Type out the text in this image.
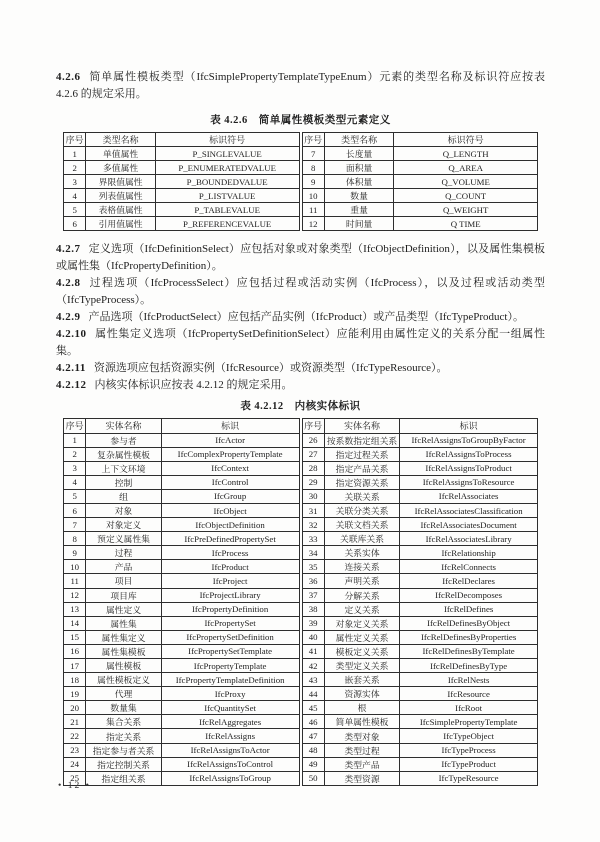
4.2.6 简单属性模板类型（IfcSimplePropertyTemplateTypeEnum）元素的类型名称及标识符应按表 4.2.6 的规定采用。

表 4.2.6　简单属性模板类型元素定义
序号	类型名称	标识符号
1	单值属性	P_SINGLEVALUE
2	多值属性	P_ENUMERATEDVALUE
3	界限值属性	P_BOUNDEDVALUE
4	列表值属性	P_LISTVALUE
5	表格值属性	P_TABLEVALUE
6	引用值属性	P_REFERENCEVALUE
序号	类型名称	标识符号
7	长度量	Q_LENGTH
8	面积量	Q_AREA
9	体积量	Q_VOLUME
10	数量	Q_COUNT
11	重量	Q_WEIGHT
12	时间量	Q TIME

4.2.7 定义选项（IfcDefinitionSelect）应包括对象或对象类型（IfcObjectDefinition），以及属性集模板或属性集（IfcPropertyDefinition）。

4.2.8 过程选项（IfcProcessSelect）应包括过程或活动实例（IfcProcess），以及过程或活动类型（IfcTypeProcess）。

4.2.9 产品选项（IfcProductSelect）应包括产品实例（IfcProduct）或产品类型（IfcTypeProduct）。

4.2.10 属性集定义选项（IfcPropertySetDefinitionSelect）应能利用由属性定义的关系分配一组属性集。

4.2.11 资源选项应包括资源实例（IfcResource）或资源类型（IfcTypeResource）。

4.2.12 内核实体标识应按表 4.2.12 的规定采用。

表 4.2.12　内核实体标识
序号	实体名称	标识
1	参与者	IfcActor
2	复杂属性模板	IfcComplexPropertyTemplate
3	上下文环境	IfcContext
4	控制	IfcControl
5	组	IfcGroup
6	对象	IfcObject
7	对象定义	IfcObjectDefinition
8	预定义属性集	IfcPreDefinedPropertySet
9	过程	IfcProcess
10	产品	IfcProduct
11	项目	IfcProject
12	项目库	IfcProjectLibrary
13	属性定义	IfcPropertyDefinition
14	属性集	IfcPropertySet
15	属性集定义	IfcPropertySetDefinition
16	属性集模板	IfcPropertySetTemplate
17	属性模板	IfcPropertyTemplate
18	属性模板定义	IfcPropertyTemplateDefinition
19	代理	IfcProxy
20	数量集	IfcQuantitySet
21	集合关系	IfcRelAggregates
22	指定关系	IfcRelAssigns
23	指定参与者关系	IfcRelAssignsToActor
24	指定控制关系	IfcRelAssignsToControl
25	指定组关系	IfcRelAssignsToGroup
序号	实体名称	标识
26	按系数指定组关系	IfcRelAssignsToGroupByFactor
27	指定过程关系	IfcRelAssignsToProcess
28	指定产品关系	IfcRelAssignsToProduct
29	指定资源关系	IfcRelAssignsToResource
30	关联关系	IfcRelAssociates
31	关联分类关系	IfcRelAssociatesClassification
32	关联文档关系	IfcRelAssociatesDocument
33	关联库关系	IfcRelAssociatesLibrary
34	关系实体	IfcRelationship
35	连接关系	IfcRelConnects
36	声明关系	IfcRelDeclares
37	分解关系	IfcRelDecomposes
38	定义关系	IfcRelDefines
39	对象定义关系	IfcRelDefinesByObject
40	属性定义关系	IfcRelDefinesByProperties
41	模板定义关系	IfcRelDefinesByTemplate
42	类型定义关系	IfcRelDefinesByType
43	嵌套关系	IfcRelNests
44	资源实体	IfcResource
45	根	IfcRoot
46	简单属性模板	IfcSimplePropertyTemplate
47	类型对象	IfcTypeObject
48	类型过程	IfcTypeProcess
49	类型产品	IfcTypeProduct
50	类型资源	IfcTypeResource
• 12 •
